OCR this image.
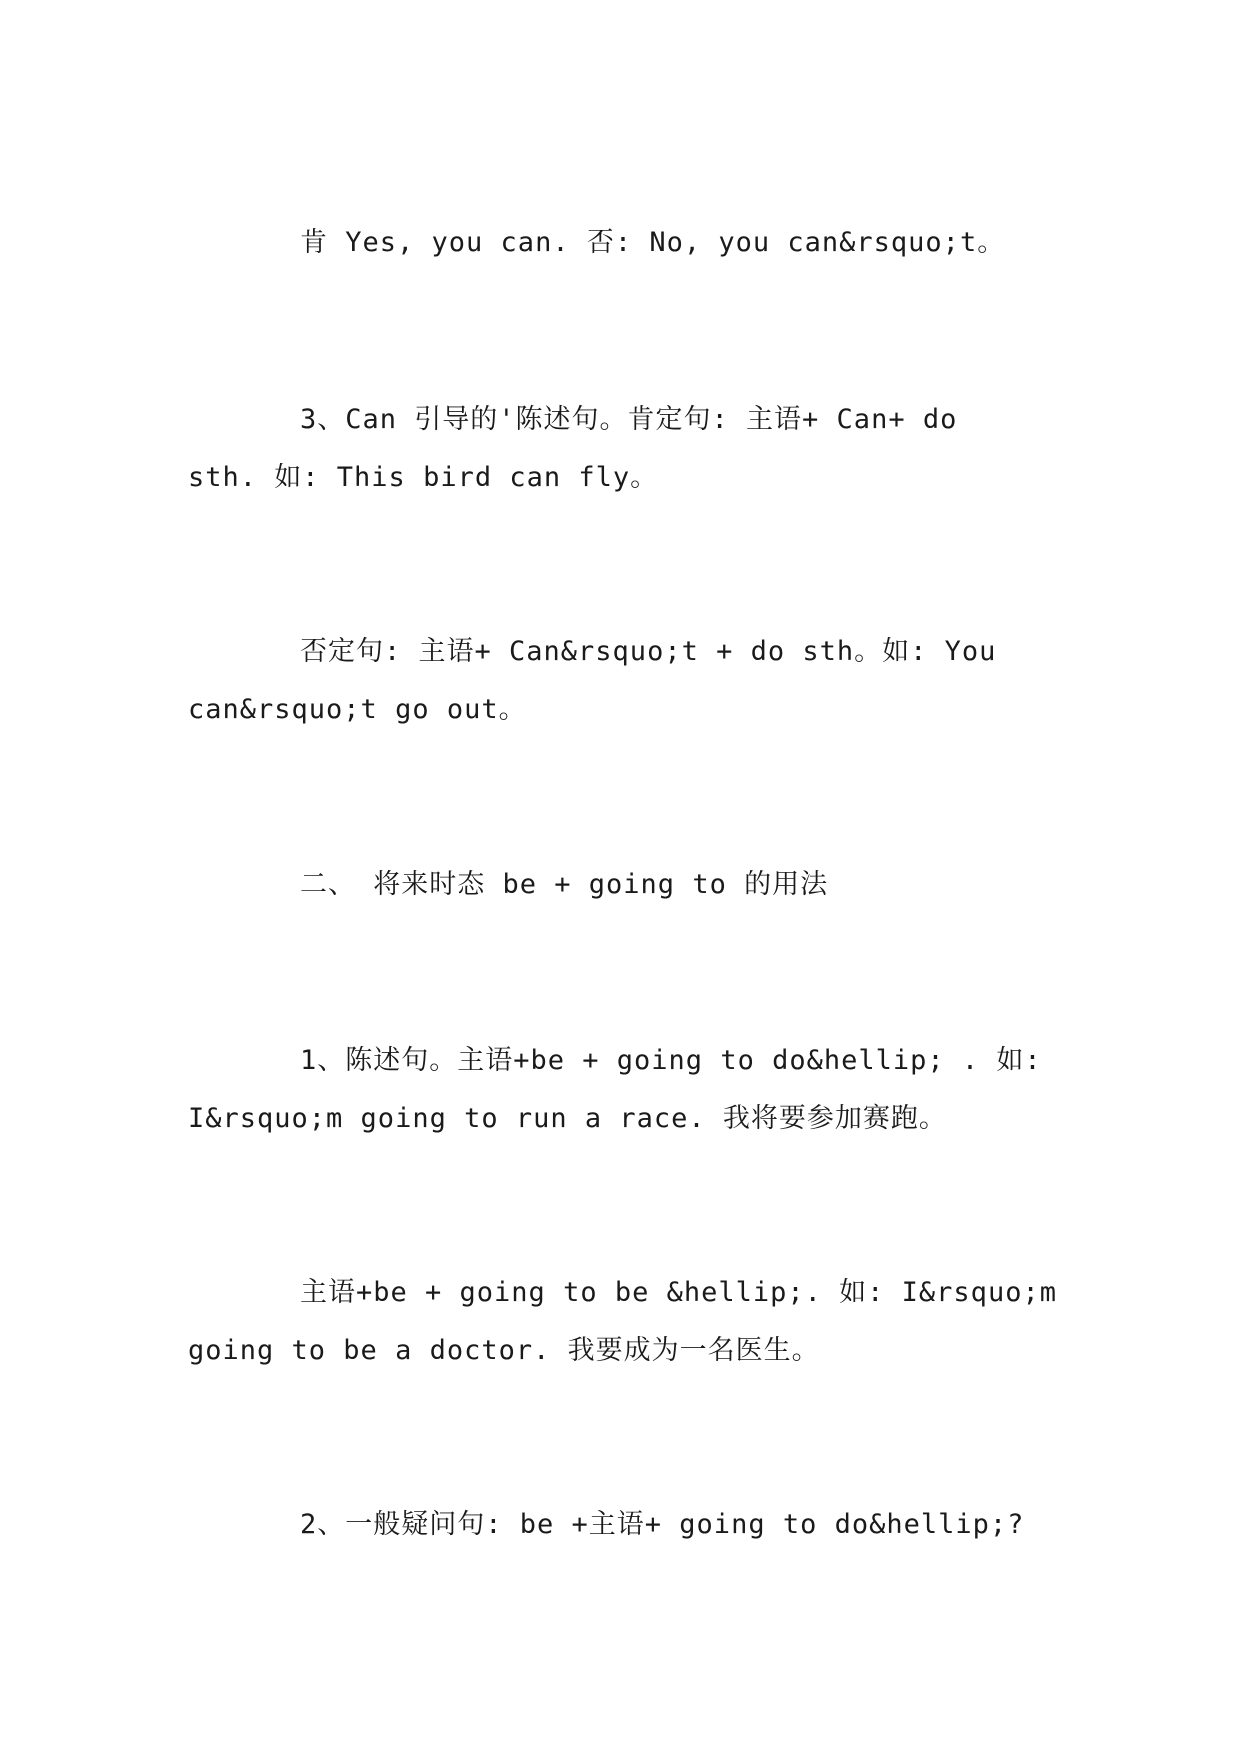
肯 Yes, you can. 否: No, you can&rsquo;t。
3、Can 引导的'陈述句。肯定句: 主语+ Can+ do
sth. 如: This bird can fly。
否定句: 主语+ Can&rsquo;t + do sth。如: You
can&rsquo;t go out。
二、 将来时态 be + going to 的用法
1、陈述句。主语+be + going to do&hellip; . 如:
I&rsquo;m going to run a race. 我将要参加赛跑。
主语+be + going to be &hellip;. 如: I&rsquo;m
going to be a doctor. 我要成为一名医生。
2、一般疑问句: be +主语+ going to do&hellip;?
